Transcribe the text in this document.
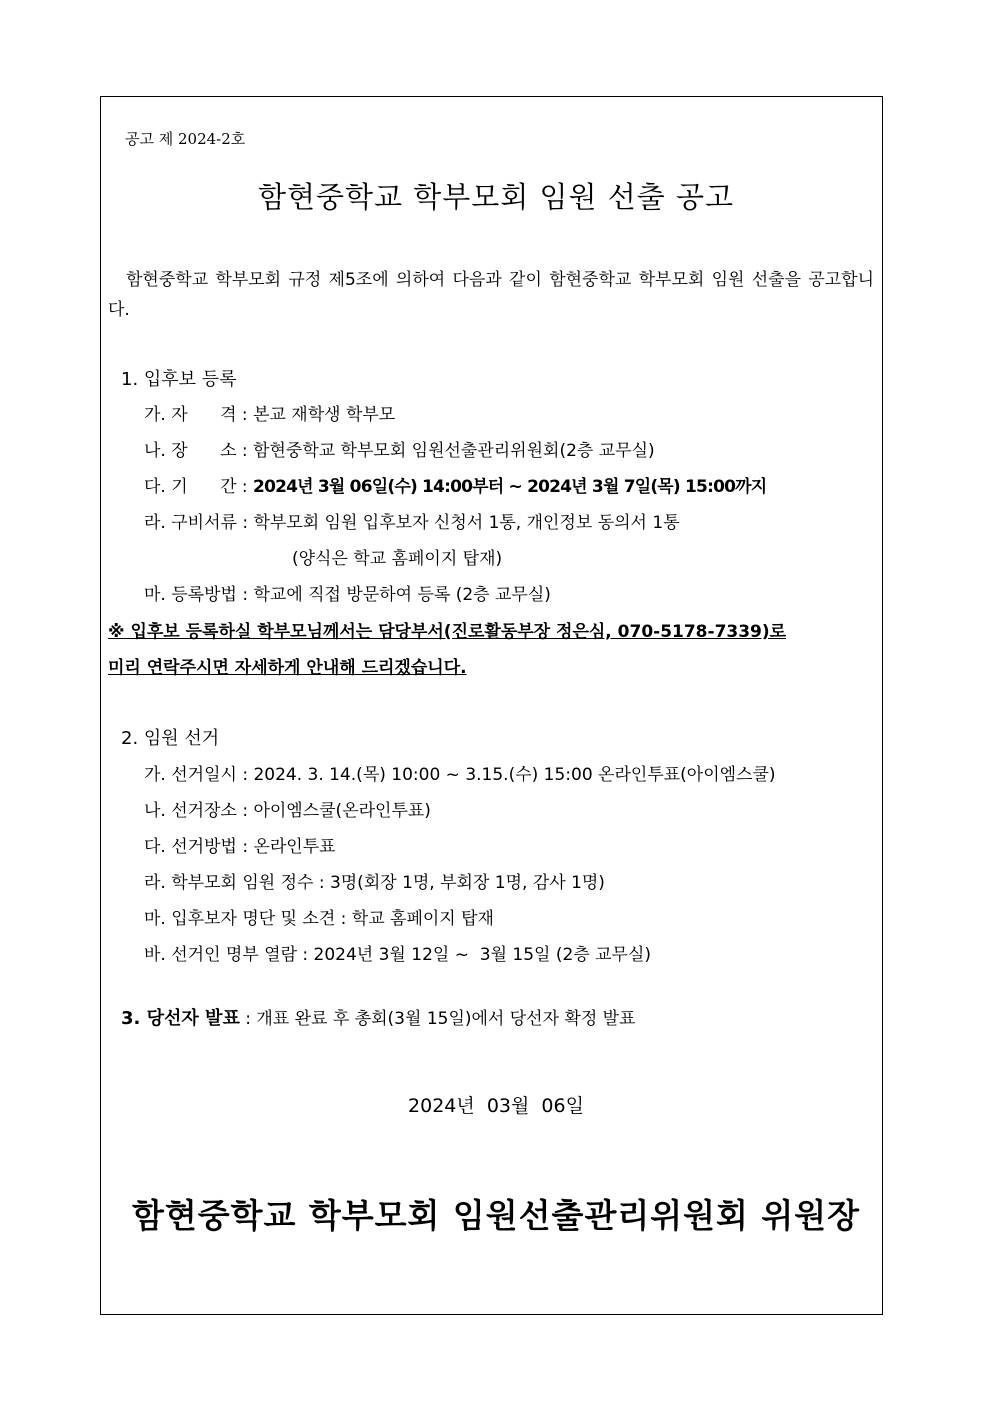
공고 제 2024-2호
함현중학교 학부모회 임원 선출 공고
함현중학교 학부모회 규정 제5조에 의하여 다음과 같이 함현중학교 학부모회 임원 선출을 공고합니다.
1. 입후보 등록
가. 자      격 : 본교 재학생 학부모
나. 장      소 : 함현중학교 학부모회 임원선출관리위원회(2층 교무실)
다. 기      간 : 2024년 3월 06일(수) 14:00부터 ~ 2024년 3월 7일(목) 15:00까지
라. 구비서류 : 학부모회 임원 입후보자 신청서 1통, 개인정보 동의서 1통
(양식은 학교 홈페이지 탑재)
마. 등록방법 : 학교에 직접 방문하여 등록 (2층 교무실)
※ 입후보 등록하실 학부모님께서는 담당부서(진로활동부장 정은심, 070-5178-7339)로
미리 연락주시면 자세하게 안내해 드리겠습니다.
2. 임원 선거
가. 선거일시 : 2024. 3. 14.(목) 10:00 ~ 3.15.(수) 15:00 온라인투표(아이엠스쿨)
나. 선거장소 : 아이엠스쿨(온라인투표)
다. 선거방법 : 온라인투표
라. 학부모회 임원 정수 : 3명(회장 1명, 부회장 1명, 감사 1명)
마. 입후보자 명단 및 소견 : 학교 홈페이지 탑재
바. 선거인 명부 열람 : 2024년 3월 12일 ~  3월 15일 (2층 교무실)
3. 당선자 발표 : 개표 완료 후 총회(3월 15일)에서 당선자 확정 발표
2024년  03월  06일
함현중학교 학부모회 임원선출관리위원회 위원장
